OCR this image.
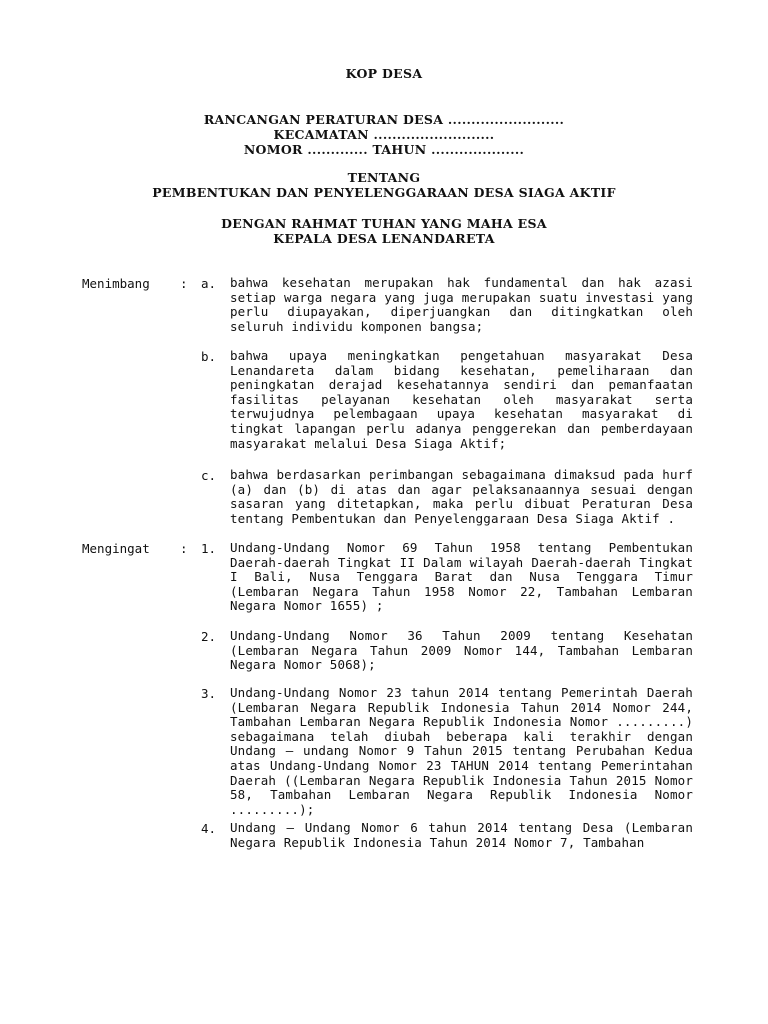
KOP DESA
RANCANGAN PERATURAN DESA .........................
KECAMATAN ..........................
NOMOR ............. TAHUN ....................
TENTANG
PEMBENTUKAN DAN PENYELENGGARAAN DESA SIAGA AKTIF
DENGAN RAHMAT TUHAN YANG MAHA ESA
KEPALA DESA LENANDARETA
Menimbang : a. bahwa kesehatan merupakan hak fundamental dan hak azasi setiap warga negara yang juga merupakan suatu investasi yang perlu diupayakan, diperjuangkan dan ditingkatkan oleh seluruh individu komponen bangsa;
b. bahwa upaya meningkatkan pengetahuan masyarakat Desa Lenandareta dalam bidang kesehatan, pemeliharaan dan peningkatan derajad kesehatannya sendiri dan pemanfaatan fasilitas pelayanan kesehatan oleh masyarakat serta terwujudnya pelembagaan upaya kesehatan masyarakat di tingkat lapangan perlu adanya penggerekan dan pemberdayaan masyarakat melalui Desa Siaga Aktif;
c. bahwa berdasarkan perimbangan sebagaimana dimaksud pada hurf (a) dan (b) di atas dan agar pelaksanaannya sesuai dengan sasaran yang ditetapkan, maka perlu dibuat Peraturan Desa tentang Pembentukan dan Penyelenggaraan Desa Siaga Aktif .
Mengingat : 1. Undang-Undang Nomor 69 Tahun 1958 tentang Pembentukan Daerah-daerah Tingkat II Dalam wilayah Daerah-daerah Tingkat I Bali, Nusa Tenggara Barat dan Nusa Tenggara Timur (Lembaran Negara Tahun 1958 Nomor 22, Tambahan Lembaran Negara Nomor 1655) ;
2. Undang-Undang Nomor 36 Tahun 2009 tentang Kesehatan (Lembaran Negara Tahun 2009 Nomor 144, Tambahan Lembaran Negara Nomor 5068);
3. Undang-Undang Nomor 23 tahun 2014 tentang Pemerintah Daerah (Lembaran Negara Republik Indonesia Tahun 2014 Nomor 244, Tambahan Lembaran Negara Republik Indonesia Nomor .........) sebagaimana telah diubah beberapa kali terakhir dengan Undang – undang Nomor 9 Tahun 2015 tentang Perubahan Kedua atas Undang-Undang Nomor 23 TAHUN 2014 tentang Pemerintahan Daerah ((Lembaran Negara Republik Indonesia Tahun 2015 Nomor 58, Tambahan Lembaran Negara Republik Indonesia Nomor .........);
4. Undang – Undang Nomor 6 tahun 2014 tentang Desa (Lembaran Negara Republik Indonesia Tahun 2014 Nomor 7, Tambahan
